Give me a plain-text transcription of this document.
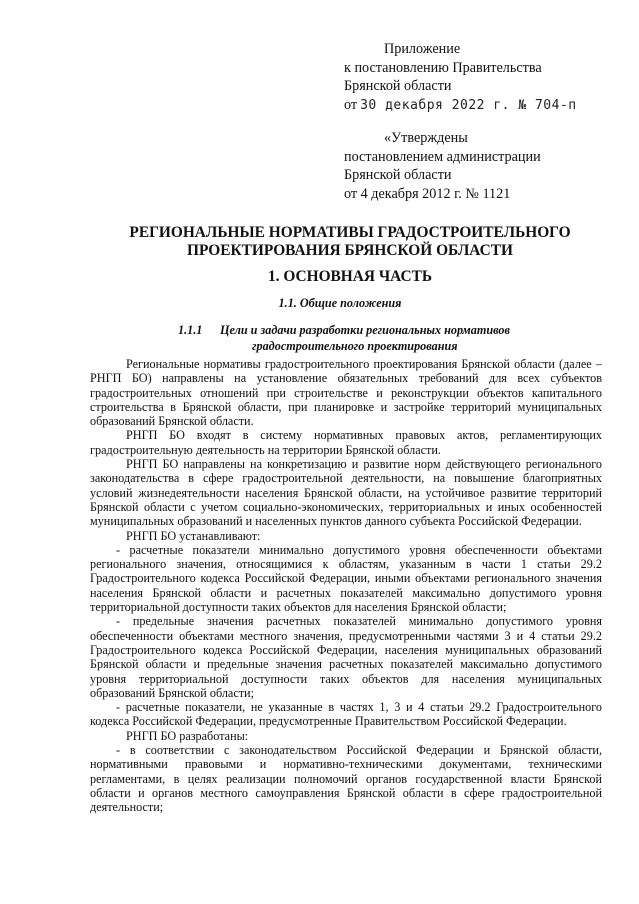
Приложение
к постановлению Правительства
Брянской области
от 30 декабря 2022 г. № 704-п
«Утверждены
постановлением администрации
Брянской области
от 4 декабря 2012 г. № 1121
РЕГИОНАЛЬНЫЕ НОРМАТИВЫ ГРАДОСТРОИТЕЛЬНОГО
ПРОЕКТИРОВАНИЯ БРЯНСКОЙ ОБЛАСТИ
1. ОСНОВНАЯ ЧАСТЬ
1.1. Общие положения
1.1.1 Цели и задачи разработки региональных нормативов
градостроительного проектирования

Региональные нормативы градостроительного проектирования Брянской области (далее – РНГП БО) направлены на установление обязательных требований для всех субъектов градостроительных отношений при строительстве и реконструкции объектов капитального строительства в Брянской области, при планировке и застройке территорий муниципальных образований Брянской области.

РНГП БО входят в систему нормативных правовых актов, регламентирующих градостроительную деятельность на территории Брянской области.

РНГП БО направлены на конкретизацию и развитие норм действующего регионального законодательства в сфере градостроительной деятельности, на повышение благоприятных условий жизнедеятельности населения Брянской области, на устойчивое развитие территорий Брянской области с учетом социально-экономических, территориальных и иных особенностей муниципальных образований и населенных пунктов данного субъекта Российской Федерации.

РНГП БО устанавливают:

- расчетные показатели минимально допустимого уровня обеспеченности объектами регионального значения, относящимися к областям, указанным в части 1 статьи 29.2 Градостроительного кодекса Российской Федерации, иными объектами регионального значения населения Брянской области и расчетных показателей максимально допустимого уровня территориальной доступности таких объектов для населения Брянской области;

- предельные значения расчетных показателей минимально допустимого уровня обеспеченности объектами местного значения, предусмотренными частями 3 и 4 статьи 29.2 Градостроительного кодекса Российской Федерации, населения муниципальных образований Брянской области и предельные значения расчетных показателей максимально допустимого уровня территориальной доступности таких объектов для населения муниципальных образований Брянской области;

- расчетные показатели, не указанные в частях 1, 3 и 4 статьи 29.2 Градостроительного кодекса Российской Федерации, предусмотренные Правительством Российской Федерации.

РНГП БО разработаны:

- в соответствии с законодательством Российской Федерации и Брянской области, нормативными правовыми и нормативно-техническими документами, техническими регламентами, в целях реализации полномочий органов государственной власти Брянской области и органов местного самоуправления Брянской области в сфере градостроительной деятельности;
